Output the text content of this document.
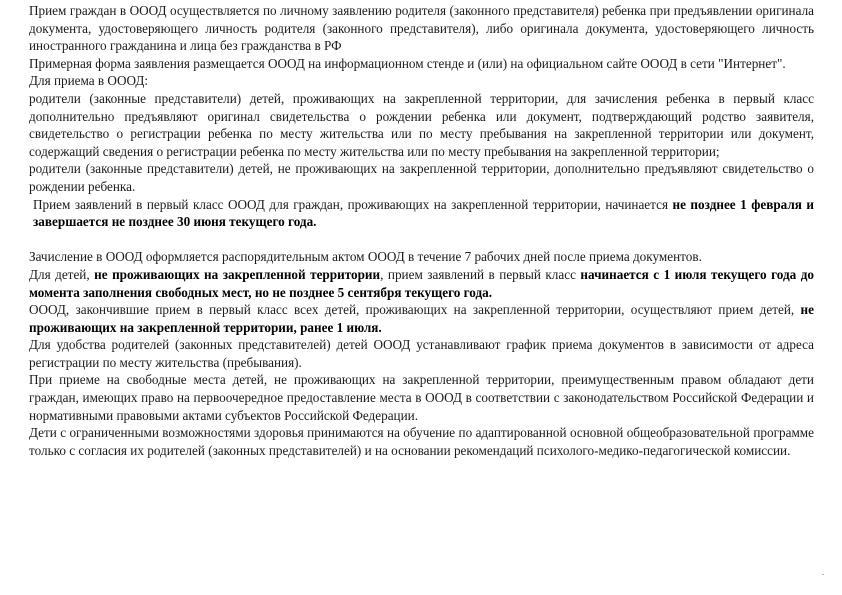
Прием граждан в ОООД осуществляется по личному заявлению родителя (законного представителя) ребенка при предъявлении оригинала документа, удостоверяющего личность родителя (законного представителя), либо оригинала документа, удостоверяющего личность иностранного гражданина и лица без гражданства в РФ

Примерная форма заявления размещается ОООД на информационном стенде и (или) на официальном сайте ОООД в сети "Интернет".

Для приема в ОООД:

родители (законные представители) детей, проживающих на закрепленной территории, для зачисления ребенка в первый класс дополнительно предъявляют оригинал свидетельства о рождении ребенка или документ, подтверждающий родство заявителя, свидетельство о регистрации ребенка по месту жительства или по месту пребывания на закрепленной территории или документ, содержащий сведения о регистрации ребенка по месту жительства или по месту пребывания на закрепленной территории;

родители (законные представители) детей, не проживающих на закрепленной территории, дополнительно предъявляют свидетельство о рождении ребенка.

Прием заявлений в первый класс ОООД для граждан, проживающих на закрепленной территории, начинается не позднее 1 февраля и завершается не позднее 30 июня текущего года.

Зачисление в ОООД оформляется распорядительным актом ОООД в течение 7 рабочих дней после приема документов.

Для детей, не проживающих на закрепленной территории, прием заявлений в первый класс начинается с 1 июля текущего года до момента заполнения свободных мест, но не позднее 5 сентября текущего года.

ОООД, закончившие прием в первый класс всех детей, проживающих на закрепленной территории, осуществляют прием детей, не проживающих на закрепленной территории, ранее 1 июля.

Для удобства родителей (законных представителей) детей ОООД устанавливают график приема документов в зависимости от адреса регистрации по месту жительства (пребывания).

При приеме на свободные места детей, не проживающих на закрепленной территории, преимущественным правом обладают дети граждан, имеющих право на первоочередное предоставление места в ОООД в соответствии с законодательством Российской Федерации и нормативными правовыми актами субъектов Российской Федерации.

Дети с ограниченными возможностями здоровья принимаются на обучение по адаптированной основной общеобразовательной программе только с согласия их родителей (законных представителей) и на основании рекомендаций психолого-медико-педагогической комиссии.

-
